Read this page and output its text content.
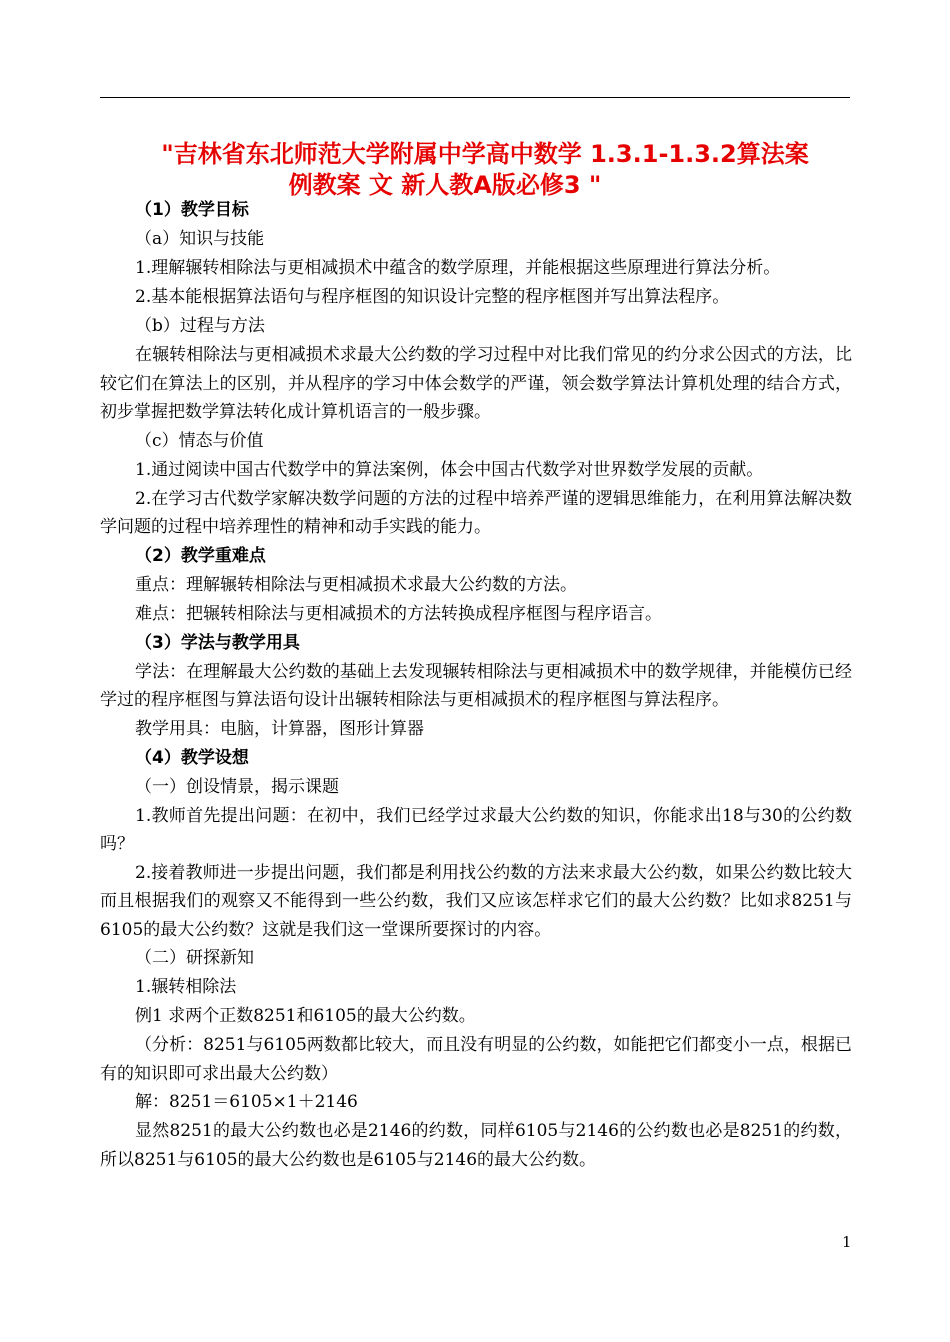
"吉林省东北师范大学附属中学高中数学 1.3.1-1.3.2算法案
例教案 文 新人教A版必修3 "
（1）教学目标
（a）知识与技能
1.理解辗转相除法与更相减损术中蕴含的数学原理，并能根据这些原理进行算法分析。
2.基本能根据算法语句与程序框图的知识设计完整的程序框图并写出算法程序。
（b）过程与方法
在辗转相除法与更相减损术求最大公约数的学习过程中对比我们常见的约分求公因式的方法，比较它们在算法上的区别，并从程序的学习中体会数学的严谨，领会数学算法计算机处理的结合方式，初步掌握把数学算法转化成计算机语言的一般步骤。
（c）情态与价值
1.通过阅读中国古代数学中的算法案例，体会中国古代数学对世界数学发展的贡献。
2.在学习古代数学家解决数学问题的方法的过程中培养严谨的逻辑思维能力，在利用算法解决数学问题的过程中培养理性的精神和动手实践的能力。
（2）教学重难点
重点：理解辗转相除法与更相减损术求最大公约数的方法。
难点：把辗转相除法与更相减损术的方法转换成程序框图与程序语言。
（3）学法与教学用具
学法：在理解最大公约数的基础上去发现辗转相除法与更相减损术中的数学规律，并能模仿已经学过的程序框图与算法语句设计出辗转相除法与更相减损术的程序框图与算法程序。
教学用具：电脑，计算器，图形计算器
（4）教学设想
（一）创设情景，揭示课题
1.教师首先提出问题：在初中，我们已经学过求最大公约数的知识，你能求出18与30的公约数吗？
2.接着教师进一步提出问题，我们都是利用找公约数的方法来求最大公约数，如果公约数比较大而且根据我们的观察又不能得到一些公约数，我们又应该怎样求它们的最大公约数？比如求8251与6105的最大公约数？这就是我们这一堂课所要探讨的内容。
（二）研探新知
1.辗转相除法
例1 求两个正数8251和6105的最大公约数。
（分析：8251与6105两数都比较大，而且没有明显的公约数，如能把它们都变小一点，根据已有的知识即可求出最大公约数）
解：8251＝6105×1＋2146
显然8251的最大公约数也必是2146的约数，同样6105与2146的公约数也必是8251的约数，所以8251与6105的最大公约数也是6105与2146的最大公约数。
1
